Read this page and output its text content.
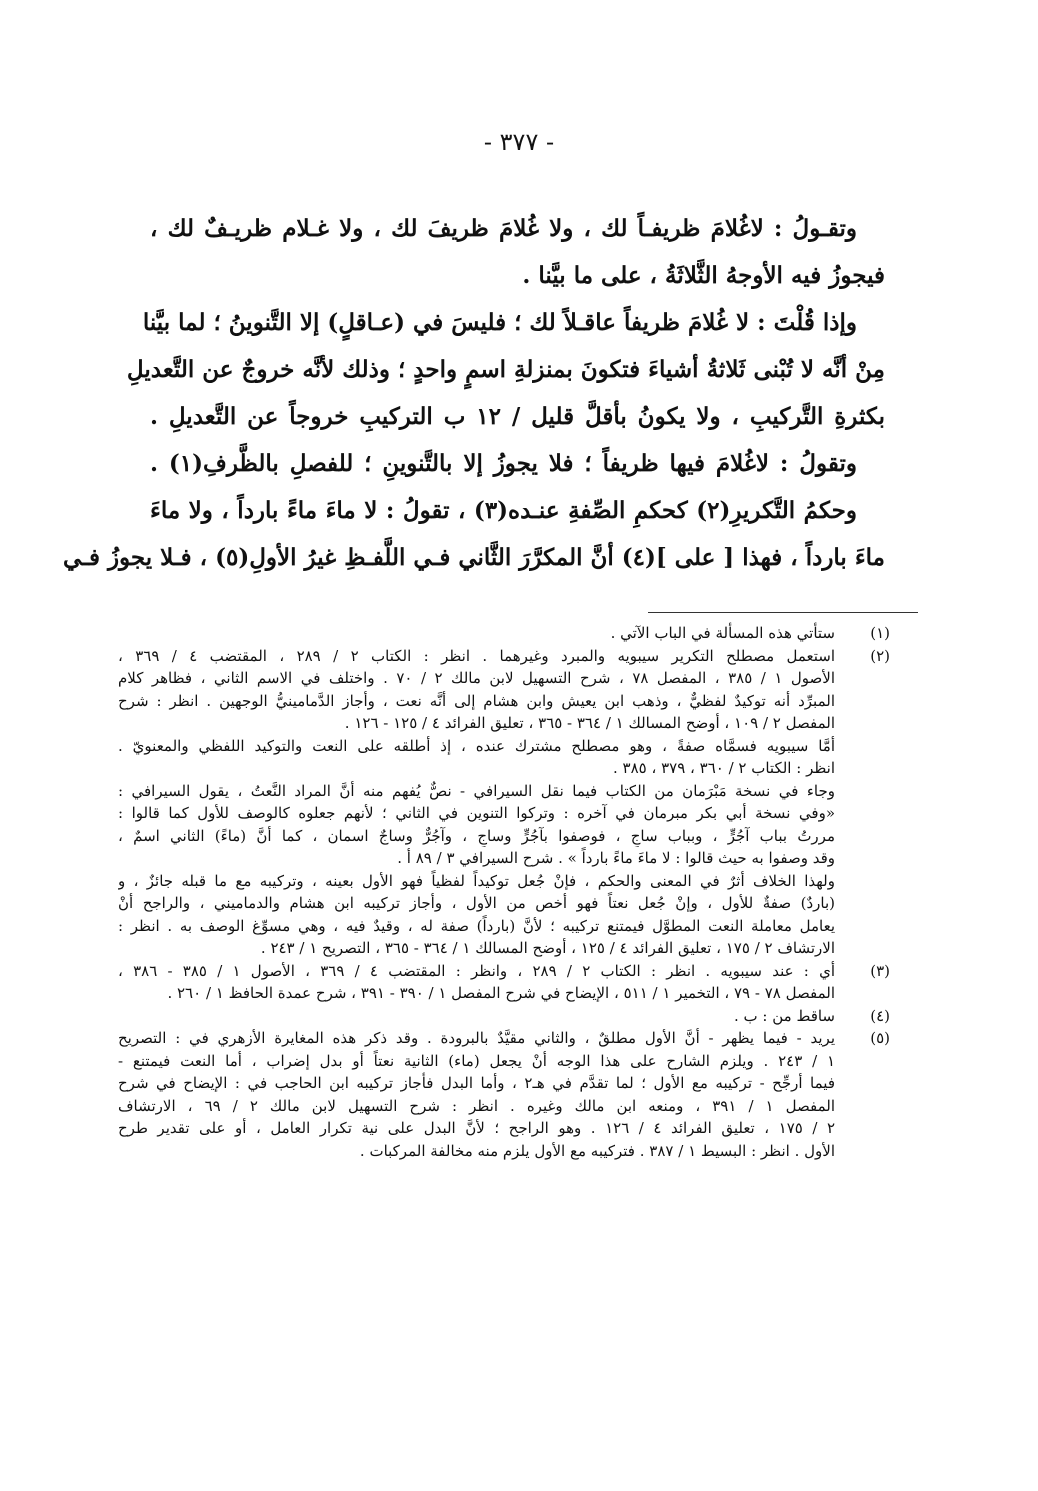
- ٣٧٧ -
وتقـولُ : لاغُلامَ ظريفـاً لك ، ولا غُلامَ ظريفَ لك ، ولا غـلام ظريـفٌ لك ،
فيجوزُ فيه الأوجهُ الثَّلاثَةُ ، على ما بيَّنا .
وإذا قُلْتَ : لا غُلامَ ظريفاً عاقـلاً لك ؛ فليسَ في (عـاقلٍ) إلا التَّنوينُ ؛ لما بيَّنا
مِنْ أنَّه لا تُبْنى ثَلاثةُ أشياءَ فتكونَ بمنزلةِ اسمٍ واحدٍ ؛ وذلك لأنَّه خروجٌ عن التَّعديلِ
بكثرةِ التَّركيبِ ، ولا يكونُ بأقلَّ قليل / ١٢ ب التركيبِ خروجاً عن التَّعديلِ .
وتقولُ : لاغُلامَ فيها ظريفاً ؛ فلا يجوزُ إلا بالتَّنوينِ ؛ للفصلِ بالظَّرفِ(١) .
وحكمُ التَّكريرِ(٢) كحكمِ الصِّفةِ عنـده(٣) ، تقولُ : لا ماءَ ماءً بارداً ، ولا ماءَ
ماءَ بارداً ، فهذا [ على ](٤) أنَّ المكرَّرَ الثَّاني فـي اللَّفـظِ غيرُ الأولِ(٥) ، فـلا يجوزُ فـي
(١)
ستأتي هذه المسألة في الباب الآتي .
(٢)
استعمل مصطلح التكرير سيبويه والمبرد وغيرهما . انظر : الكتاب ٢ / ٢٨٩ ، المقتضب ٤ / ٣٦٩ ،
الأصول ١ / ٣٨٥ ، المفصل ٧٨ ، شرح التسهيل لابن مالك ٢ / ٧٠ . واختلف في الاسم الثاني ، فظاهر كلام
المبرِّد أنه توكيدٌ لفظيٌّ ، وذهب ابن يعيش وابن هشام إلى أنَّه نعت ، وأجاز الدَّمامينيُّ الوجهين . انظر : شرح
المفصل ٢ / ١٠٩ ، أوضح المسالك ١ / ٣٦٤ - ٣٦٥ ، تعليق الفرائد ٤ / ١٢٥ - ١٢٦ .
أمَّا سيبويه فسمَّاه صفةً ، وهو مصطلح مشترك عنده ، إذ أطلقه على النعت والتوكيد اللفظي والمعنويّ .
انظر : الكتاب ٢ / ٣٦٠ ، ٣٧٩ ، ٣٨٥ .
وجاء في نسخة مَبْرَمان من الكتاب فيما نقل السيرافي - نصٌّ يُفهم منه أنَّ المراد النَّعتُ ، يقول السيرافي :
«وفي نسخة أبي بكر مبرمان في آخره : وتركوا التنوين في الثاني ؛ لأنهم جعلوه كالوصف للأول كما قالوا :
مررتُ بباب آجُرٍّ ، وبباب ساجٍ ، فوصفوا بآجُرٍّ وساجٍ ، وآجُرٌّ وساجٌ اسمان ، كما أنَّ (ماءً) الثاني اسمٌ ،
وقد وصفوا به حيث قالوا : لا ماءَ ماءً بارداً » . شرح السيرافي ٣ / ٨٩ أ .
ولهذا الخلاف أثرٌ في المعنى والحكم ، فإنْ جُعل توكيداً لفظياً فهو الأول بعينه ، وتركيبه مع ما قبله جائزٌ ، و
(باردٌ) صفةٌ للأول ، وإنْ جُعل نعتاً فهو أخص من الأول ، وأجاز تركيبه ابن هشام والدماميني ، والراجح أنْ
يعامل معاملة النعت المطوَّل فيمتنع تركيبه ؛ لأنَّ (بارداً) صفة له ، وقيدٌ فيه ، وهي مسوِّغ الوصف به . انظر :
الارتشاف ٢ / ١٧٥ ، تعليق الفرائد ٤ / ١٢٥ ، أوضح المسالك ١ / ٣٦٤ - ٣٦٥ ، التصريح ١ / ٢٤٣ .
(٣)
أي : عند سيبويه . انظر : الكتاب ٢ / ٢٨٩ ، وانظر : المقتضب ٤ / ٣٦٩ ، الأصول ١ / ٣٨٥ - ٣٨٦ ،
المفصل ٧٨ - ٧٩ ، التخمير ١ / ٥١١ ، الإيضاح في شرح المفصل ١ / ٣٩٠ - ٣٩١ ، شرح عمدة الحافظ ١ / ٢٦٠ .
(٤)
ساقط من : ب .
(٥)
يريد - فيما يظهر - أنَّ الأول مطلقٌ ، والثاني مقيَّدٌ بالبرودة . وقد ذكر هذه المغايرة الأزهري في : التصريح
١ / ٢٤٣ . ويلزم الشارح على هذا الوجه أنْ يجعل (ماء) الثانية نعتاً أو بدل إضراب ، أما النعت فيمتنع -
فيما أرجِّح - تركيبه مع الأول ؛ لما تقدَّم في هـ٢ ، وأما البدل فأجاز تركيبه ابن الحاجب في : الإيضاح في شرح
المفصل ١ / ٣٩١ ، ومنعه ابن مالك وغيره . انظر : شرح التسهيل لابن مالك ٢ / ٦٩ ، الارتشاف
٢ / ١٧٥ ، تعليق الفرائد ٤ / ١٢٦ . وهو الراجح ؛ لأنَّ البدل على نية تكرار العامل ، أو على تقدير طرح
الأول . انظر : البسيط ١ / ٣٨٧ . فتركيبه مع الأول يلزم منه مخالفة المركبات .
